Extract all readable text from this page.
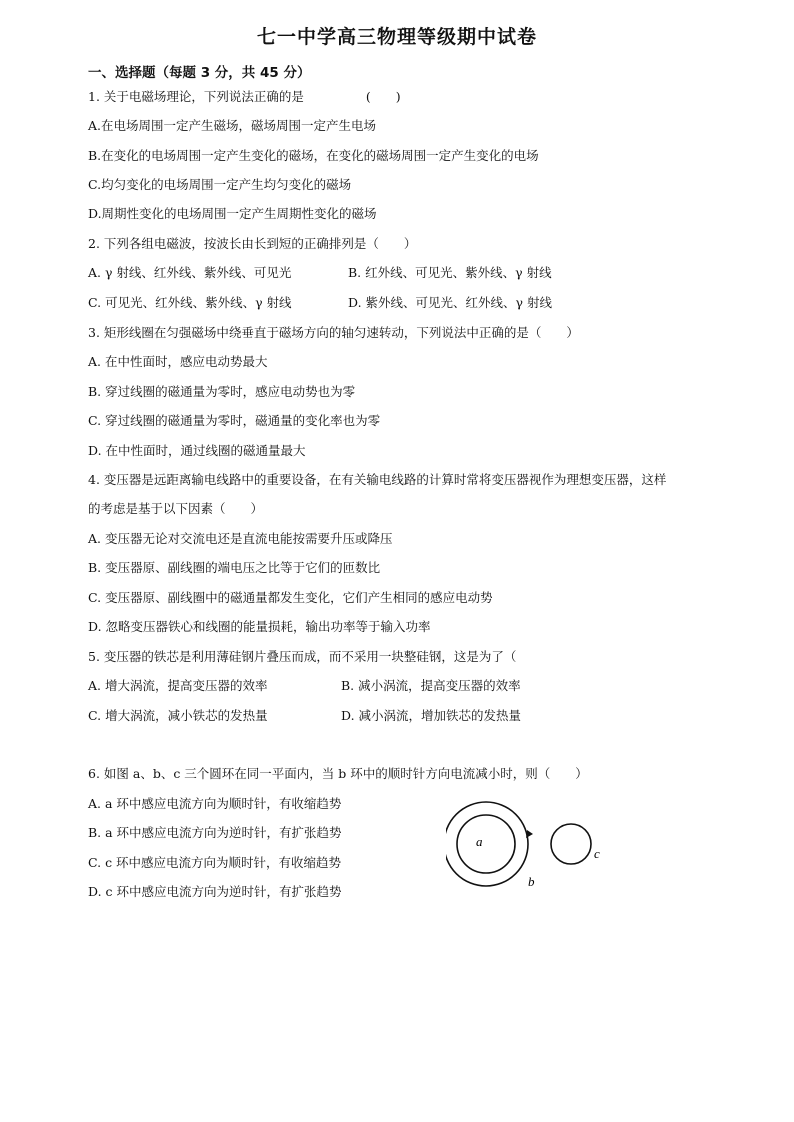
七一中学高三物理等级期中试卷
一、选择题（每题 3 分，共 45 分）
1. 关于电磁场理论，下列说法正确的是	(　　)
A.在电场周围一定产生磁场，磁场周围一定产生电场
B.在变化的电场周围一定产生变化的磁场，在变化的磁场周围一定产生变化的电场
C.均匀变化的电场周围一定产生均匀变化的磁场
D.周期性变化的电场周围一定产生周期性变化的磁场
2. 下列各组电磁波，按波长由长到短的正确排列是（　　）
A. γ 射线、红外线、紫外线、可见光	B. 红外线、可见光、紫外线、γ 射线
C. 可见光、红外线、紫外线、γ 射线	D. 紫外线、可见光、红外线、γ 射线
3. 矩形线圈在匀强磁场中绕垂直于磁场方向的轴匀速转动，下列说法中正确的是（　　）
A. 在中性面时，感应电动势最大
B. 穿过线圈的磁通量为零时，感应电动势也为零
C. 穿过线圈的磁通量为零时，磁通量的变化率也为零
D. 在中性面时，通过线圈的磁通量最大
4. 变压器是远距离输电线路中的重要设备，在有关输电线路的计算时常将变压器视作为理想变压器，这样
的考虑是基于以下因素（　　）
A. 变压器无论对交流电还是直流电能按需要升压或降压
B. 变压器原、副线圈的端电压之比等于它们的匝数比
C. 变压器原、副线圈中的磁通量都发生变化，它们产生相同的感应电动势
D. 忽略变压器铁心和线圈的能量损耗，输出功率等于输入功率
5. 变压器的铁芯是利用薄硅钢片叠压而成，而不采用一块整硅钢，这是为了（
A. 增大涡流，提高变压器的效率	B. 减小涡流，提高变压器的效率
C. 增大涡流，减小铁芯的发热量	D. 减小涡流，增加铁芯的发热量
6. 如图 a、b、c 三个圆环在同一平面内，当 b 环中的顺时针方向电流减小时，则（　　）
A. a 环中感应电流方向为顺时针，有收缩趋势
B. a 环中感应电流方向为逆时针，有扩张趋势
C. c 环中感应电流方向为顺时针，有收缩趋势
D. c 环中感应电流方向为逆时针，有扩张趋势
a
b
c
